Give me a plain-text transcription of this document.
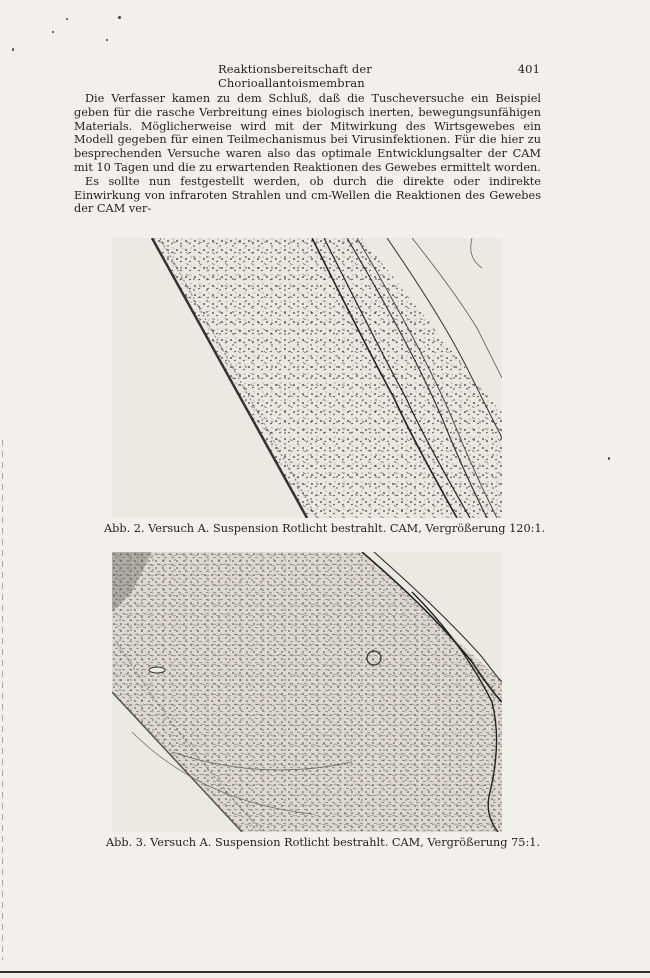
Reaktionsbereitschaft der Chorioallantoismembran
401

Die Verfasser kamen zu dem Schluß, daß die Tuscheversuche ein Beispiel geben für die rasche Verbreitung eines biologisch inerten, bewegungsunfähigen Materials. Möglicherweise wird mit der Mitwirkung des Wirtsgewebes ein Modell gegeben für einen Teilmechanismus bei Virusinfektionen. Für die hier zu besprechenden Versuche waren also das optimale Entwicklungsalter der CAM mit 10 Tagen und die zu erwartenden Reaktionen des Gewebes ermittelt worden.

Es sollte nun festgestellt werden, ob durch die direkte oder indirekte Einwirkung von infraroten Strahlen und cm-Wellen die Reaktionen des Gewebes der CAM ver-

Abb. 2. Versuch A. Suspension Rotlicht bestrahlt. CAM, Vergrößerung 120:1.
Abb. 3. Versuch A. Suspension Rotlicht bestrahlt. CAM, Vergrößerung 75:1.
